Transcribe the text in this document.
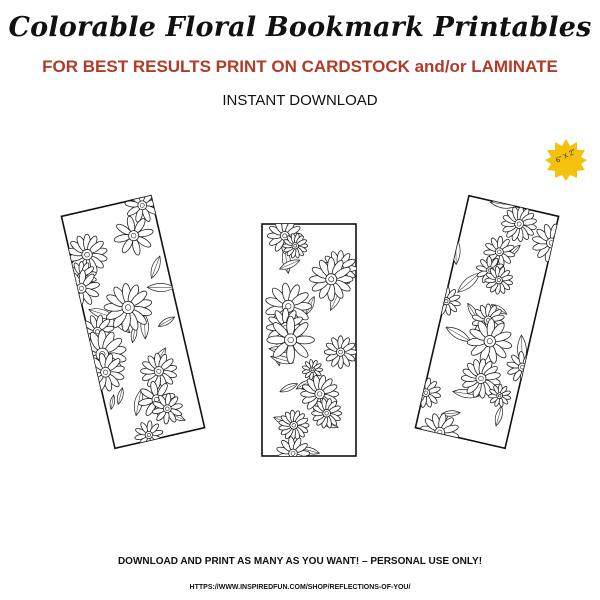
Colorable Floral Bookmark Printables
FOR BEST RESULTS PRINT ON CARDSTOCK and/or LAMINATE
INSTANT DOWNLOAD
6" X 2"
DOWNLOAD AND PRINT AS MANY AS YOU WANT! – PERSONAL USE ONLY!
HTTPS://WWW.INSPIREDFUN.COM/SHOP/REFLECTIONS-OF-YOU/
